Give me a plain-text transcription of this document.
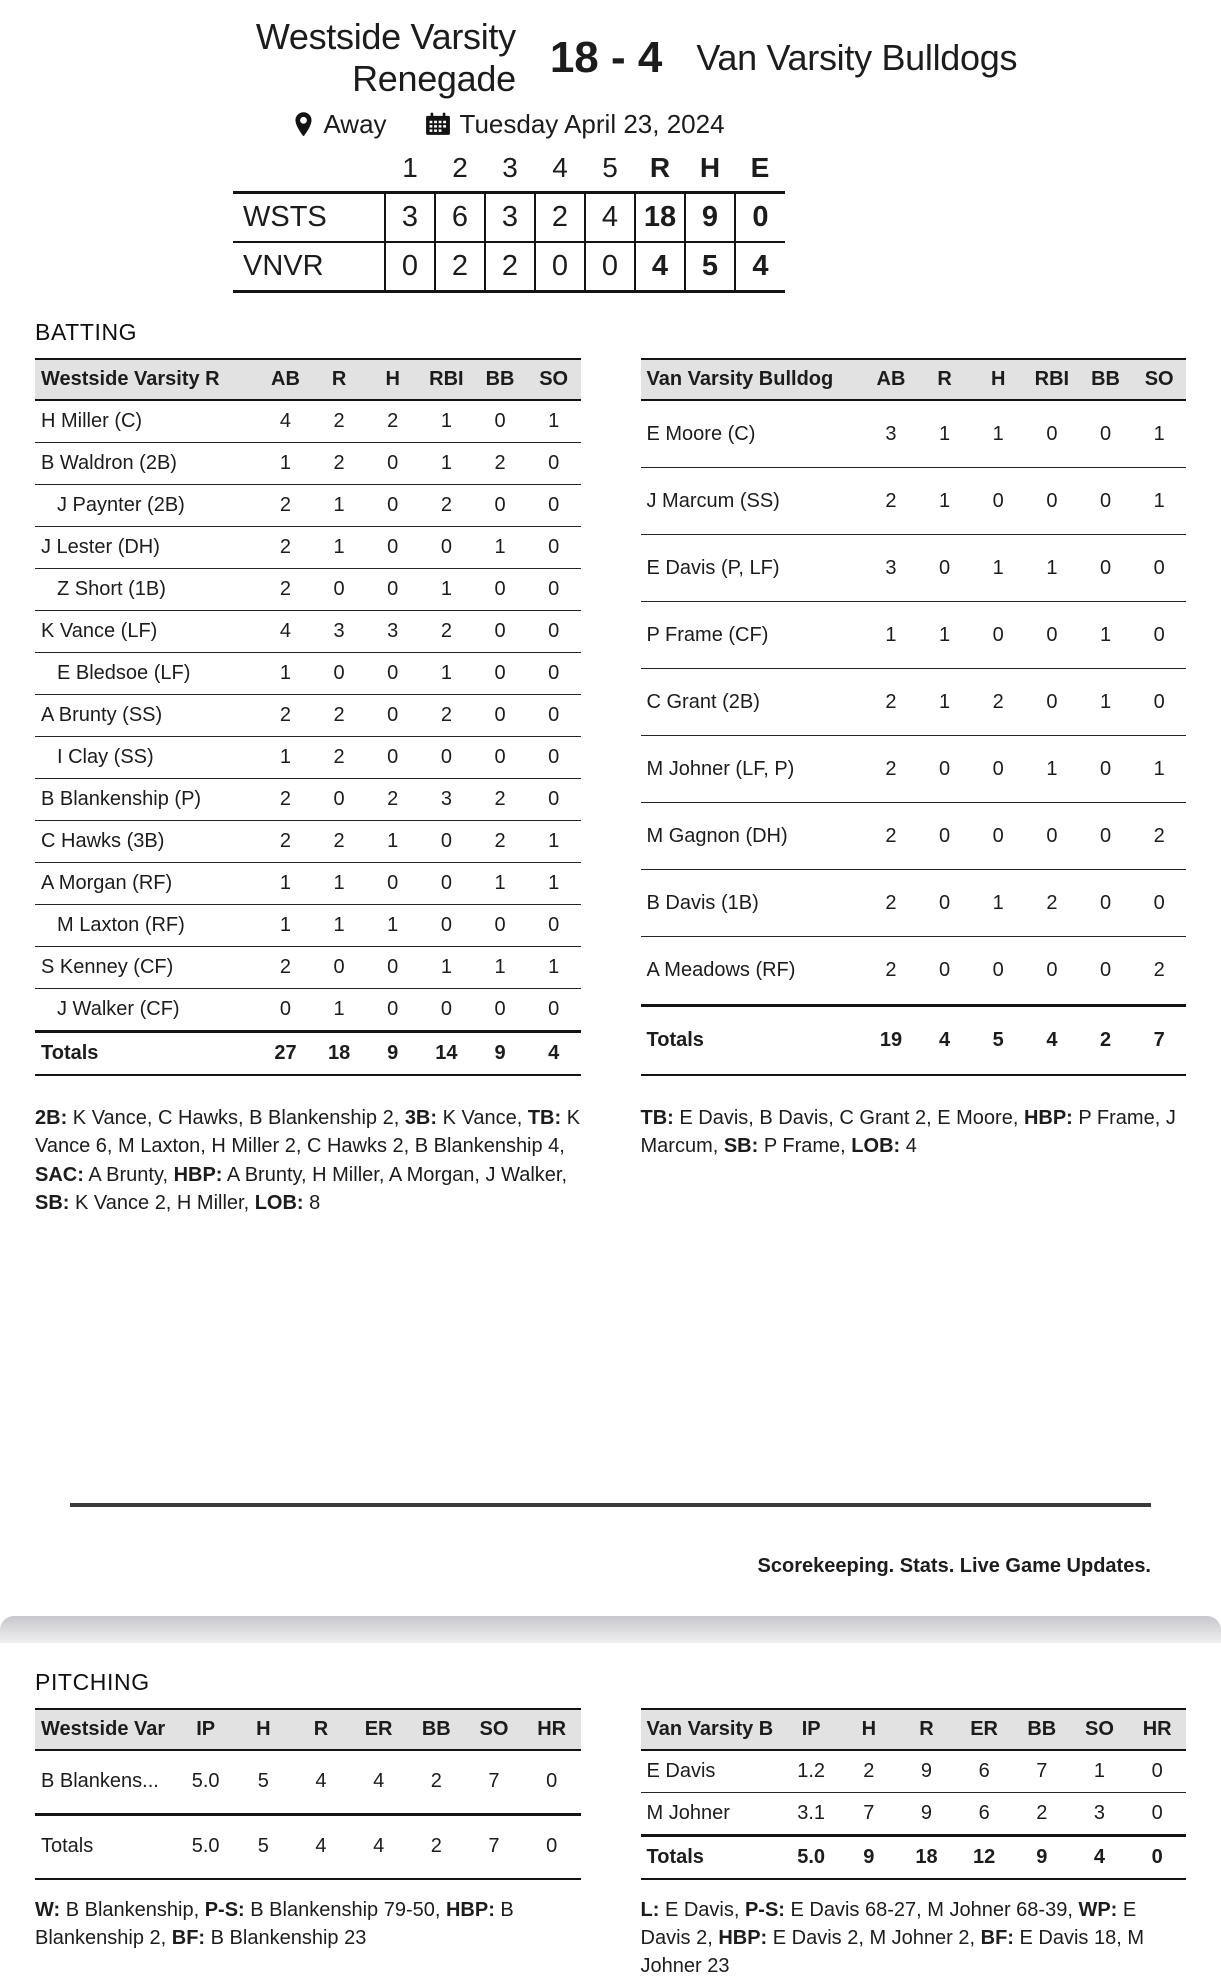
Westside Varsity Renegade 18 - 4 Van Varsity Bulldogs
Away	Tuesday April 23, 2024
	1	2	3	4	5	R	H	E
WSTS	3	6	3	2	4	18	9	0
VNVR	0	2	2	0	0	4	5	4
BATTING
Westside Varsity R	AB	R	H	RBI	BB	SO
H Miller (C)	4	2	2	1	0	1
B Waldron (2B)	1	2	0	1	2	0
J Paynter (2B)	2	1	0	2	0	0
J Lester (DH)	2	1	0	0	1	0
Z Short (1B)	2	0	0	1	0	0
K Vance (LF)	4	3	3	2	0	0
E Bledsoe (LF)	1	0	0	1	0	0
A Brunty (SS)	2	2	0	2	0	0
I Clay (SS)	1	2	0	0	0	0
B Blankenship (P)	2	0	2	3	2	0
C Hawks (3B)	2	2	1	0	2	1
A Morgan (RF)	1	1	0	0	1	1
M Laxton (RF)	1	1	1	0	0	0
S Kenney (CF)	2	0	0	1	1	1
J Walker (CF)	0	1	0	0	0	0
Totals	27	18	9	14	9	4
Van Varsity Bulldog	AB	R	H	RBI	BB	SO
E Moore (C)	3	1	1	0	0	1
J Marcum (SS)	2	1	0	0	0	1
E Davis (P, LF)	3	0	1	1	0	0
P Frame (CF)	1	1	0	0	1	0
C Grant (2B)	2	1	2	0	1	0
M Johner (LF, P)	2	0	0	1	0	1
M Gagnon (DH)	2	0	0	0	0	2
B Davis (1B)	2	0	1	2	0	0
A Meadows (RF)	2	0	0	0	0	2
Totals	19	4	5	4	2	7

2B: K Vance, C Hawks, B Blankenship 2, 3B: K Vance, TB: K Vance 6, M Laxton, H Miller 2, C Hawks 2, B Blankenship 4, SAC: A Brunty, HBP: A Brunty, H Miller, A Morgan, J Walker, SB: K Vance 2, H Miller, LOB: 8

TB: E Davis, B Davis, C Grant 2, E Moore, HBP: P Frame, J Marcum, SB: P Frame, LOB: 4

Scorekeeping. Stats. Live Game Updates.
PITCHING
Westside Var	IP	H	R	ER	BB	SO	HR
B Blankens...	5.0	5	4	4	2	7	0
Totals	5.0	5	4	4	2	7	0
Van Varsity B	IP	H	R	ER	BB	SO	HR
E Davis	1.2	2	9	6	7	1	0
M Johner	3.1	7	9	6	2	3	0
Totals	5.0	9	18	12	9	4	0

W: B Blankenship, P-S: B Blankenship 79-50, HBP: B Blankenship 2, BF: B Blankenship 23

L: E Davis, P-S: E Davis 68-27, M Johner 68-39, WP: E Davis 2, HBP: E Davis 2, M Johner 2, BF: E Davis 18, M Johner 23
